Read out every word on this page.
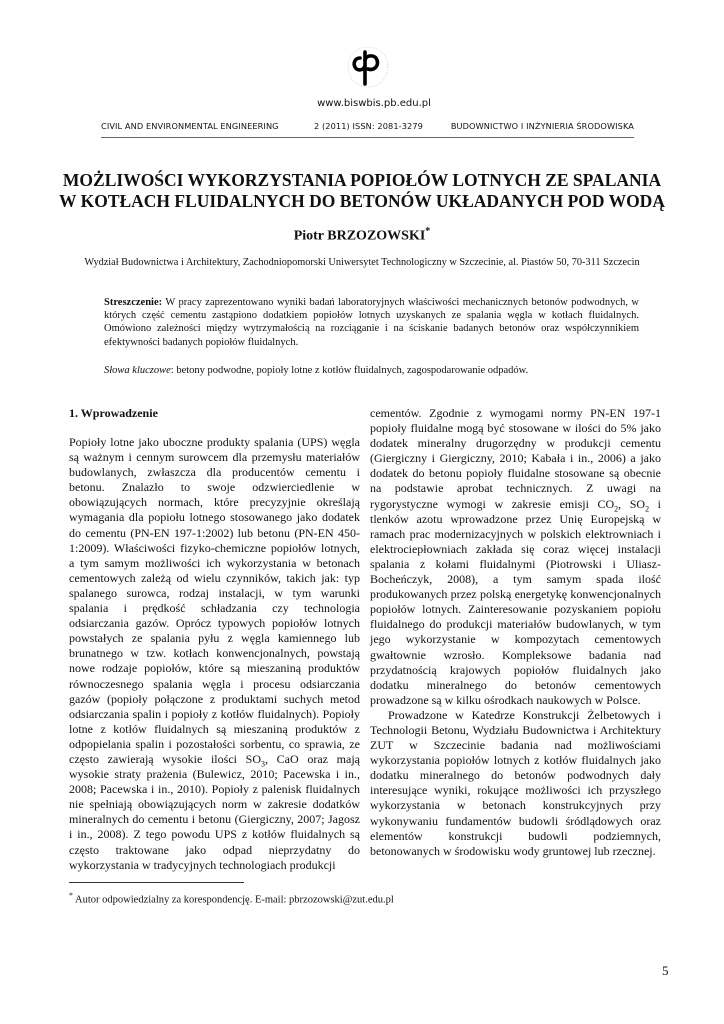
www.biswbis.pb.edu.pl
CIVIL AND ENVIRONMENTAL ENGINEERING	2 (2011) ISSN: 2081-3279	BUDOWNICTWO I INŻYNIERIA ŚRODOWISKA
MOŻLIWOŚCI WYKORZYSTANIA POPIOŁÓW LOTNYCH ZE SPALANIA
W KOTŁACH FLUIDALNYCH DO BETONÓW UKŁADANYCH POD WODĄ
Piotr BRZOZOWSKI*
Wydział Budownictwa i Architektury, Zachodniopomorski Uniwersytet Technologiczny w Szczecinie, al. Piastów 50, 70-311 Szczecin
Streszczenie: W pracy zaprezentowano wyniki badań laboratoryjnych właściwości mechanicznych betonów podwodnych, w których część cementu zastąpiono dodatkiem popiołów lotnych uzyskanych ze spalania węgla w kotłach fluidalnych. Omówiono zależności między wytrzymałością na rozciąganie i na ściskanie badanych betonów oraz współczynnikiem efektywności badanych popiołów fluidalnych.
Słowa kluczowe: betony podwodne, popioły lotne z kotłów fluidalnych, zagospodarowanie odpadów.
1. Wprowadzenie

Popioły lotne jako uboczne produkty spalania (UPS) węgla są ważnym i cennym surowcem dla przemysłu materiałów budowlanych, zwłaszcza dla producentów cementu i betonu. Znalazło to swoje odzwierciedlenie w obowiązujących normach, które precyzyjnie określają wymagania dla popiołu lotnego stosowanego jako dodatek do cementu (PN-EN 197-1:2002) lub betonu (PN-EN 450-1:2009). Właściwości fizyko-chemiczne popiołów lotnych, a tym samym możliwości ich wykorzystania w betonach cementowych zależą od wielu czynników, takich jak: typ spalanego surowca, rodzaj instalacji, w tym warunki spalania i prędkość schładzania czy technologia odsiarczania gazów. Oprócz typowych popiołów lotnych powstałych ze spalania pyłu z węgla kamiennego lub brunatnego w tzw. kotłach konwencjonalnych, powstają nowe rodzaje popiołów, które są mieszaniną produktów równoczesnego spalania węgla i procesu odsiarczania gazów (popioły połączone z produktami suchych metod odsiarczania spalin i popioły z kotłów fluidalnych). Popioły lotne z kotłów fluidalnych są mieszaniną produktów z odpopielania spalin i pozostałości sorbentu, co sprawia, ze często zawierają wysokie ilości $SO_3$, CaO oraz mają wysokie straty prażenia (Bulewicz, 2010; Pacewska i in., 2008; Pacewska i in., 2010). Popioły z palenisk fluidalnych nie spełniają obowiązujących norm w zakresie dodatków mineralnych do cementu i betonu (Giergiczny, 2007; Jagosz i in., 2008). Z tego powodu UPS z kotłów fluidalnych są często traktowane jako odpad nieprzydatny do wykorzystania w tradycyjnych technologiach produkcji

cementów. Zgodnie z wymogami normy PN-EN 197-1 popioły fluidalne mogą być stosowane w ilości do 5% jako dodatek mineralny drugorzędny w produkcji cementu (Giergiczny i Giergiczny, 2010; Kabała i in., 2006) a jako dodatek do betonu popioły fluidalne stosowane są obecnie na podstawie aprobat technicznych. Z uwagi na rygorystyczne wymogi w zakresie emisji $CO_2$, $SO_2$ i tlenków azotu wprowadzone przez Unię Europejską w ramach prac modernizacyjnych w polskich elektrowniach i elektrociepłowniach zakłada się coraz więcej instalacji spalania z kołami fluidalnymi (Piotrowski i Uliasz-Bocheńczyk, 2008), a tym samym spada ilość produkowanych przez polską energetykę konwencjonalnych popiołów lotnych. Zainteresowanie pozyskaniem popiołu fluidalnego do produkcji materiałów budowlanych, w tym jego wykorzystanie w kompozytach cementowych gwałtownie wzrosło. Kompleksowe badania nad przydatnością krajowych popiołów fluidalnych jako dodatku mineralnego do betonów cementowych prowadzone są w kilku ośrodkach naukowych w Polsce.

Prowadzone w Katedrze Konstrukcji Żelbetowych i Technologii Betonu, Wydziału Budownictwa i Architektury ZUT w Szczecinie badania nad możliwościami wykorzystania popiołów lotnych z kotłów fluidalnych jako dodatku mineralnego do betonów podwodnych dały interesujące wyniki, rokujące możliwości ich przyszłego wykorzystania w betonach konstrukcyjnych przy wykonywaniu fundamentów budowli śródlądowych oraz elementów konstrukcji budowli podziemnych, betonowanych w środowisku wody gruntowej lub rzecznej.

* Autor odpowiedzialny za korespondencję. E-mail: pbrzozowski@zut.edu.pl
5
